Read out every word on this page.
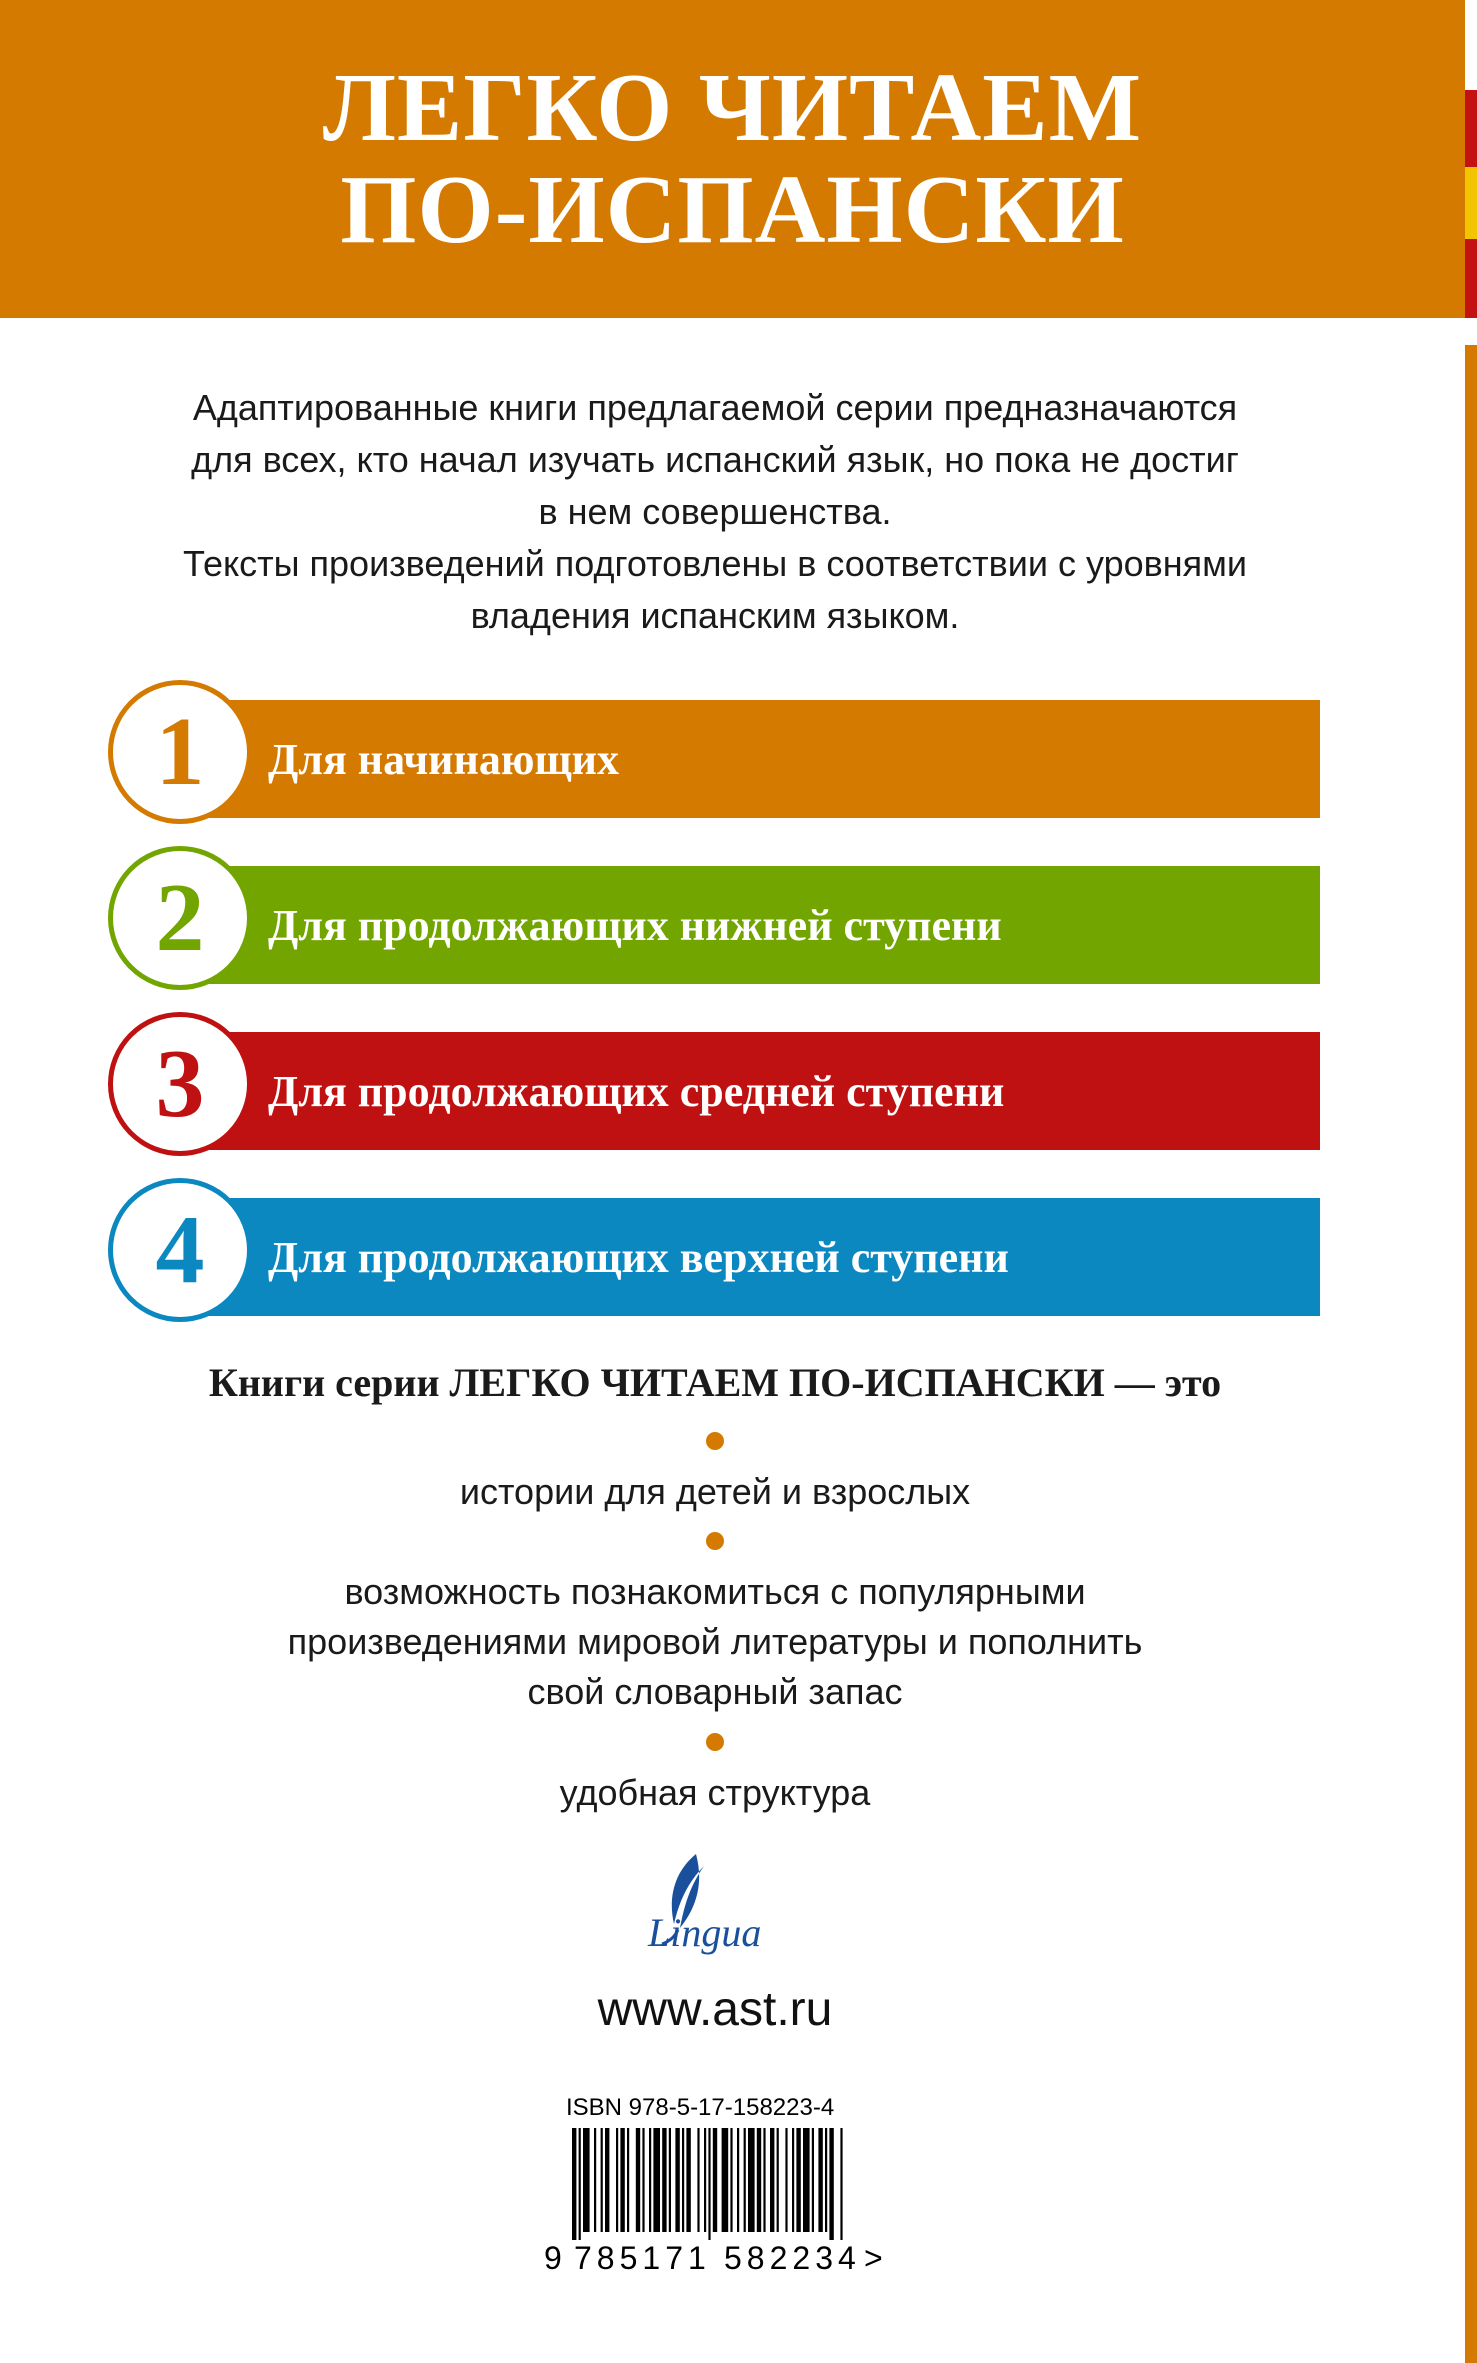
ЛЕГКО ЧИТАЕМ
ПО-ИСПАНСКИ

Адаптированные книги предлагаемой серии предназначаются

для всех, кто начал изучать испанский язык, но пока не достиг

в нем совершенства.

Тексты произведений подготовлены в соответствии с уровнями

владения испанским языком.

1	Для начинающих
2	Для продолжающих нижней ступени
3	Для продолжающих средней ступени
4	Для продолжающих верхней ступени
Книги серии ЛЕГКО ЧИТАЕМ ПО-ИСПАНСКИ — это

истории для детей и взрослых

возможность познакомиться с популярными

произведениями мировой литературы и пополнить

свой словарный запас

удобная структура

Lingua
www.ast.ru
ISBN 978-5-17-158223-4
9 785171 582234 >
